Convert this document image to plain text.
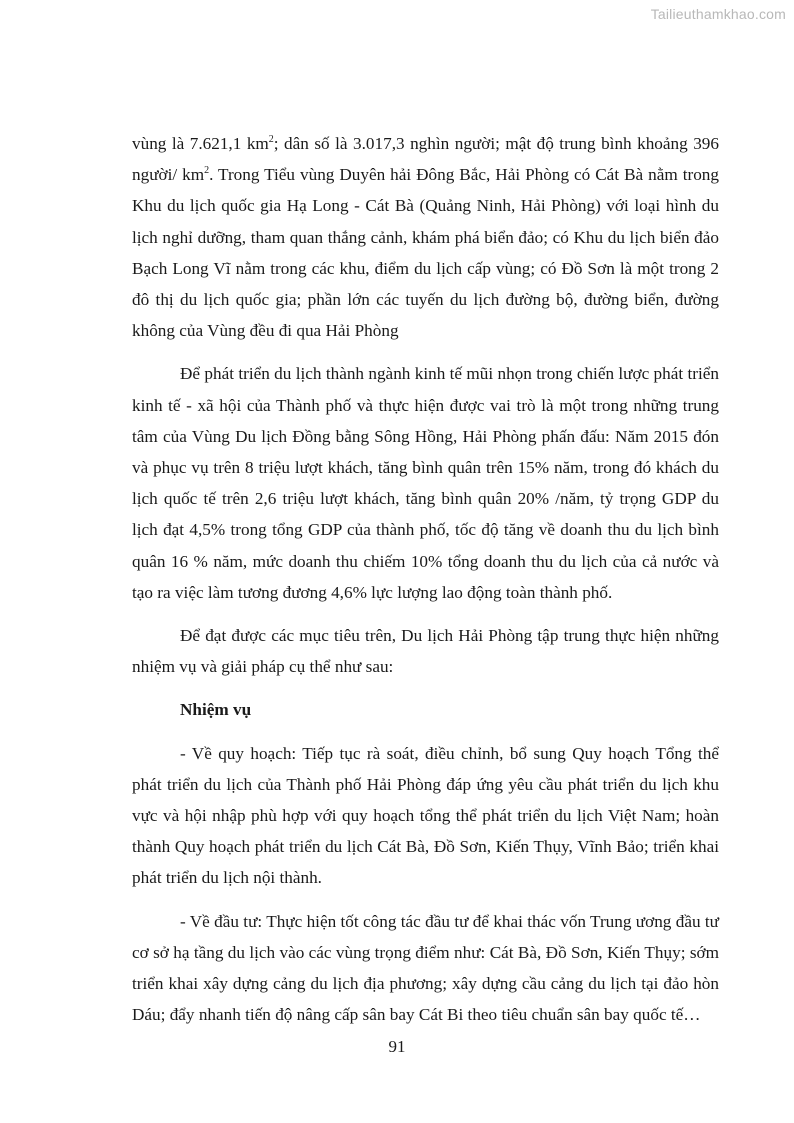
Tailieuthamkhao.com

vùng là 7.621,1 $km^2$; dân số là 3.017,3 nghìn người; mật độ trung bình khoảng 396 người/ $km^2$. Trong Tiểu vùng Duyên hải Đông Bắc, Hải Phòng có Cát Bà nằm trong Khu du lịch quốc gia Hạ Long - Cát Bà (Quảng Ninh, Hải Phòng) với loại hình du lịch nghỉ dưỡng, tham quan thắng cảnh, khám phá biển đảo; có Khu du lịch biển đảo Bạch Long Vĩ nằm trong các khu, điểm du lịch cấp vùng; có Đồ Sơn là một trong 2 đô thị du lịch quốc gia; phần lớn các tuyến du lịch đường bộ, đường biển, đường không của Vùng đều đi qua Hải Phòng

Để phát triển du lịch thành ngành kinh tế mũi nhọn trong chiến lược phát triển kinh tế - xã hội của Thành phố và thực hiện được vai trò là một trong những trung tâm của Vùng Du lịch Đồng bằng Sông Hồng, Hải Phòng phấn đấu: Năm 2015 đón và phục vụ trên 8 triệu lượt khách, tăng bình quân trên 15% năm, trong đó khách du lịch quốc tế trên 2,6 triệu lượt khách, tăng bình quân 20% /năm, tỷ trọng GDP du lịch đạt 4,5% trong tổng GDP của thành phố, tốc độ tăng về doanh thu du lịch bình quân 16 % năm, mức doanh thu chiếm 10% tổng doanh thu du lịch của cả nước và tạo ra việc làm tương đương 4,6% lực lượng lao động toàn thành phố.

Để đạt được các mục tiêu trên, Du lịch Hải Phòng tập trung thực hiện những nhiệm vụ và giải pháp cụ thể như sau:

Nhiệm vụ

- Về quy hoạch: Tiếp tục rà soát, điều chỉnh, bổ sung Quy hoạch Tổng thể phát triển du lịch của Thành phố Hải Phòng đáp ứng yêu cầu phát triển du lịch khu vực và hội nhập phù hợp với quy hoạch tổng thể phát triển du lịch Việt Nam; hoàn thành Quy hoạch phát triển du lịch Cát Bà, Đồ Sơn, Kiến Thụy, Vĩnh Bảo; triển khai phát triển du lịch nội thành.

- Về đầu tư: Thực hiện tốt công tác đầu tư để khai thác vốn Trung ương đầu tư cơ sở hạ tầng du lịch vào các vùng trọng điểm như: Cát Bà, Đồ Sơn, Kiến Thụy; sớm triển khai xây dựng cảng du lịch địa phương; xây dựng cầu cảng du lịch tại đảo hòn Dáu; đẩy nhanh tiến độ nâng cấp sân bay Cát Bi theo tiêu chuẩn sân bay quốc tế…

91
